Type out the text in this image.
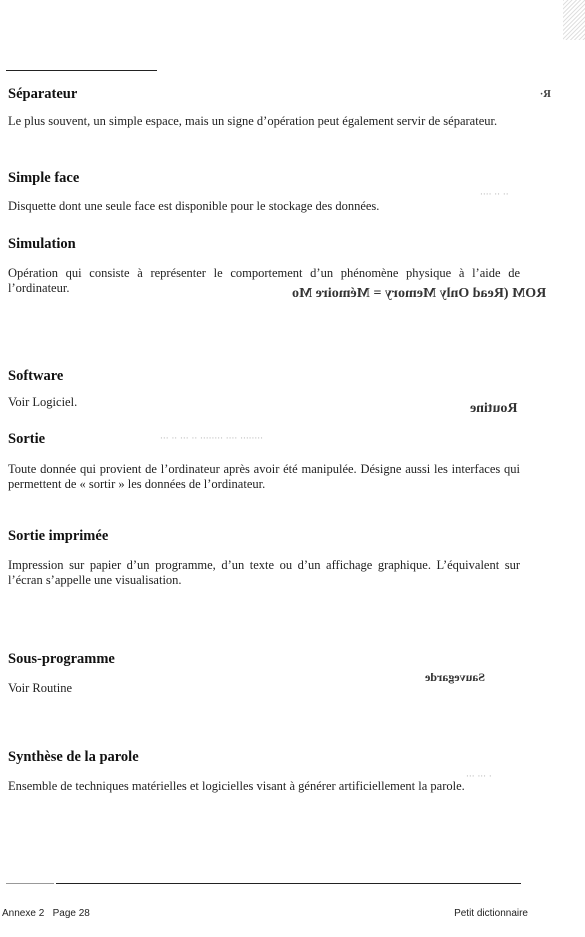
Séparateur

Le plus souvent, un simple espace, mais un signe d’opération peut également servir de séparateur.

Simple face

Disquette dont une seule face est disponible pour le stockage des données.

Simulation

Opération qui consiste à représenter le comportement d’un phénomène physique à l’aide de l’ordinateur.

Software

Voir Logiciel.

Sortie

Toute donnée qui provient de l’ordinateur après avoir été manipulée. Désigne aussi les interfaces qui permettent de « sortir » les données de l’ordinateur.

Sortie imprimée

Impression sur papier d’un programme, d’un texte ou d’un affichage graphique. L’équivalent sur l’écran s’appelle une visualisation.

Sous-programme

Voir Routine

Synthèse de la parole

Ensemble de techniques matérielles et logicielles visant à générer artificiellement la parole.

ROM (Read Only Memory = Mémoire Mo
Routine
Sauvegarde
·Я
···· ·· ··
··· ·· ··· ·· ········ ···· ········
··· ··· ·
Annexe 2   Page 28	Petit dictionnaire
